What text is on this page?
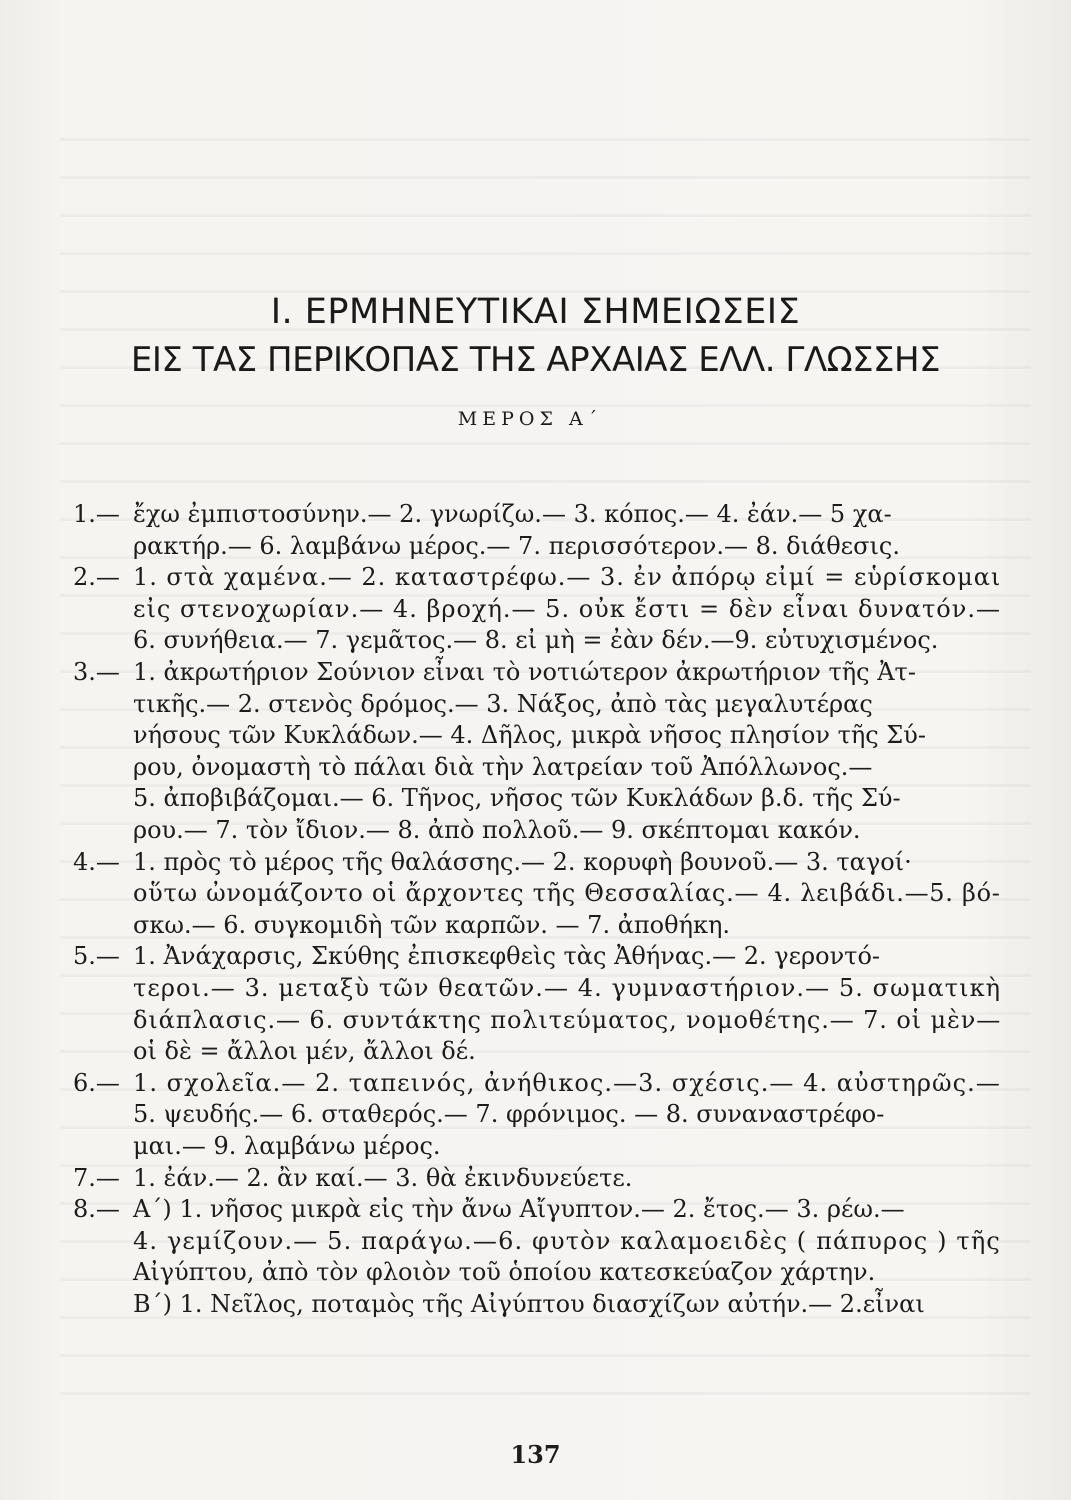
Ι. ΕΡΜΗΝΕΥΤΙΚΑΙ ΣΗΜΕΙΩΣΕΙΣ
ΕΙΣ ΤΑΣ ΠΕΡΙΚΟΠΑΣ ΤΗΣ ΑΡΧΑΙΑΣ ΕΛΛ. ΓΛΩΣΣΗΣ
ΜΕΡΟΣ Α΄
1.— ἔχω ἐμπιστοσύνην.— 2. γνωρίζω.— 3. κόπος.— 4. ἐάν.— 5 χα-
ρακτήρ.— 6. λαμβάνω μέρος.— 7. περισσότερον.— 8. διάθεσις.
2.— 1. στὰ χαμένα.— 2. καταστρέφω.— 3. ἐν ἀπόρῳ εἰμί = εὑρίσκομαι
εἰς στενοχωρίαν.— 4. βροχή.— 5. οὐκ ἔστι = δὲν εἶναι δυνατόν.—
6. συνήθεια.— 7. γεμᾶτος.— 8. εἰ μὴ = ἐὰν δέν.—9. εὐτυχισμένος.
3.— 1. ἀκρωτήριον Σούνιον εἶναι τὸ νοτιώτερον ἀκρωτήριον τῆς Ἀτ-
τικῆς.— 2. στενὸς δρόμος.— 3. Νάξος, ἀπὸ τὰς μεγαλυτέρας
νήσους τῶν Κυκλάδων.— 4. Δῆλος, μικρὰ νῆσος πλησίον τῆς Σύ-
ρου, ὀνομαστὴ τὸ πάλαι διὰ τὴν λατρείαν τοῦ Ἀπόλλωνος.—
5. ἀποβιβάζομαι.— 6. Τῆνος, νῆσος τῶν Κυκλάδων β.δ. τῆς Σύ-
ρου.— 7. τὸν ἴδιον.— 8. ἀπὸ πολλοῦ.— 9. σκέπτομαι κακόν.
4.— 1. πρὸς τὸ μέρος τῆς θαλάσσης.— 2. κορυφὴ βουνοῦ.— 3. ταγοί·
οὕτω ὠνομάζοντο οἱ ἄρχοντες τῆς Θεσσαλίας.— 4. λειβάδι.—5. βό-
σκω.— 6. συγκομιδὴ τῶν καρπῶν. — 7. ἀποθήκη.
5.— 1. Ἀνάχαρσις, Σκύθης ἐπισκεφθεὶς τὰς Ἀθήνας.— 2. γεροντό-
τεροι.— 3. μεταξὺ τῶν θεατῶν.— 4. γυμναστήριον.— 5. σωματικὴ
διάπλασις.— 6. συντάκτης πολιτεύματος, νομοθέτης.— 7. οἱ μὲν—
οἱ δὲ = ἄλλοι μέν, ἄλλοι δέ.
6.— 1. σχολεῖα.— 2. ταπεινός, ἀνήθικος.—3. σχέσις.— 4. αὐστηρῶς.—
5. ψευδής.— 6. σταθερός.— 7. φρόνιμος. — 8. συναναστρέφο-
μαι.— 9. λαμβάνω μέρος.
7.— 1. ἐάν.— 2. ἂν καί.— 3. θὰ ἐκινδυνεύετε.
8.— Α΄) 1. νῆσος μικρὰ εἰς τὴν ἄνω Αἴγυπτον.— 2. ἔτος.— 3. ρέω.—
4. γεμίζουν.— 5. παράγω.—6. φυτὸν καλαμοειδὲς ( πάπυρος ) τῆς
Αἰγύπτου, ἀπὸ τὸν φλοιὸν τοῦ ὁποίου κατεσκεύαζον χάρτην.
Β΄) 1. Νεῖλος, ποταμὸς τῆς Αἰγύπτου διασχίζων αὐτήν.— 2.εἶναι
137
